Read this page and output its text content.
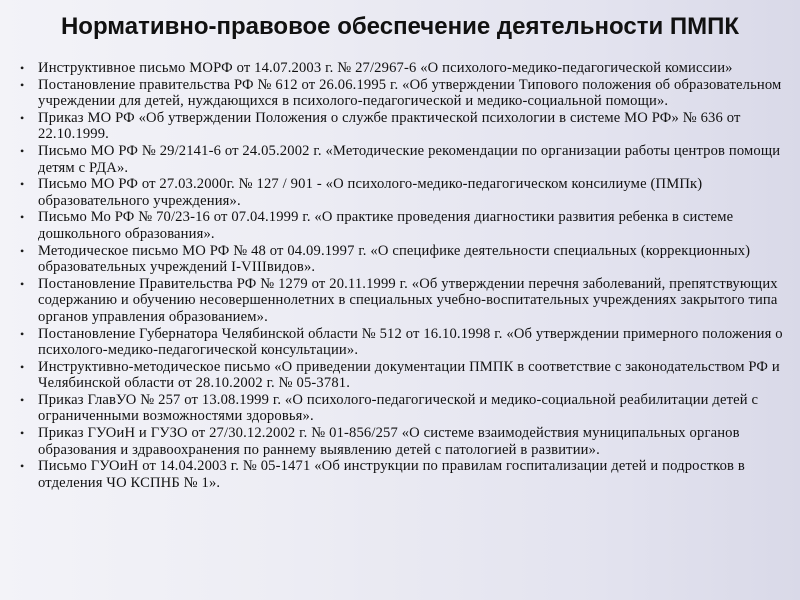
Нормативно-правовое обеспечение деятельности ПМПК
• Инструктивное письмо МОРФ от 14.07.2003 г. № 27/2967-6 «О психолого-медико-педагогической комиссии»
• Постановление правительства РФ № 612 от 26.06.1995 г. «Об утверждении Типового положения об образовательном учреждении для детей, нуждающихся в психолого-педагогической и медико-социальной помощи».
• Приказ МО РФ «Об утверждении Положения о службе практической психологии в системе МО РФ» № 636 от 22.10.1999.
• Письмо МО РФ № 29/2141-6 от 24.05.2002 г. «Методические рекомендации по организации работы центров помощи детям с РДА».
• Письмо МО РФ от 27.03.2000г. № 127 / 901 - «О психолого-медико-педагогическом консилиуме (ПМПк) образовательного учреждения».
• Письмо Мо РФ № 70/23-16 от 07.04.1999 г. «О практике проведения диагностики развития ребенка в системе дошкольного образования».
• Методическое письмо МО РФ № 48 от 04.09.1997 г. «О специфике деятельности специальных (коррекционных) образовательных учреждений I-VIIIвидов».
• Постановление Правительства РФ № 1279 от 20.11.1999 г. «Об утверждении перечня заболеваний, препятствующих содержанию и обучению несовершеннолетних в специальных учебно-воспитательных учреждениях закрытого типа органов управления образованием».
• Постановление Губернатора Челябинской области № 512 от 16.10.1998 г. «Об утверждении примерного положения о психолого-медико-педагогической консультации».
• Инструктивно-методическое письмо «О приведении документации ПМПК в соответствие с законодательством РФ и Челябинской области от 28.10.2002 г. № 05-3781.
• Приказ ГлавУО № 257 от 13.08.1999 г. «О психолого-педагогической и медико-социальной реабилитации детей с ограниченными возможностями здоровья».
• Приказ ГУОиН и ГУЗО от 27/30.12.2002 г. № 01-856/257 «О системе взаимодействия муниципальных органов образования и здравоохранения по раннему выявлению детей с патологией в развитии».
• Письмо ГУОиН от 14.04.2003 г. № 05-1471 «Об инструкции по правилам госпитализации детей и подростков в отделения ЧО КСПНБ № 1».
